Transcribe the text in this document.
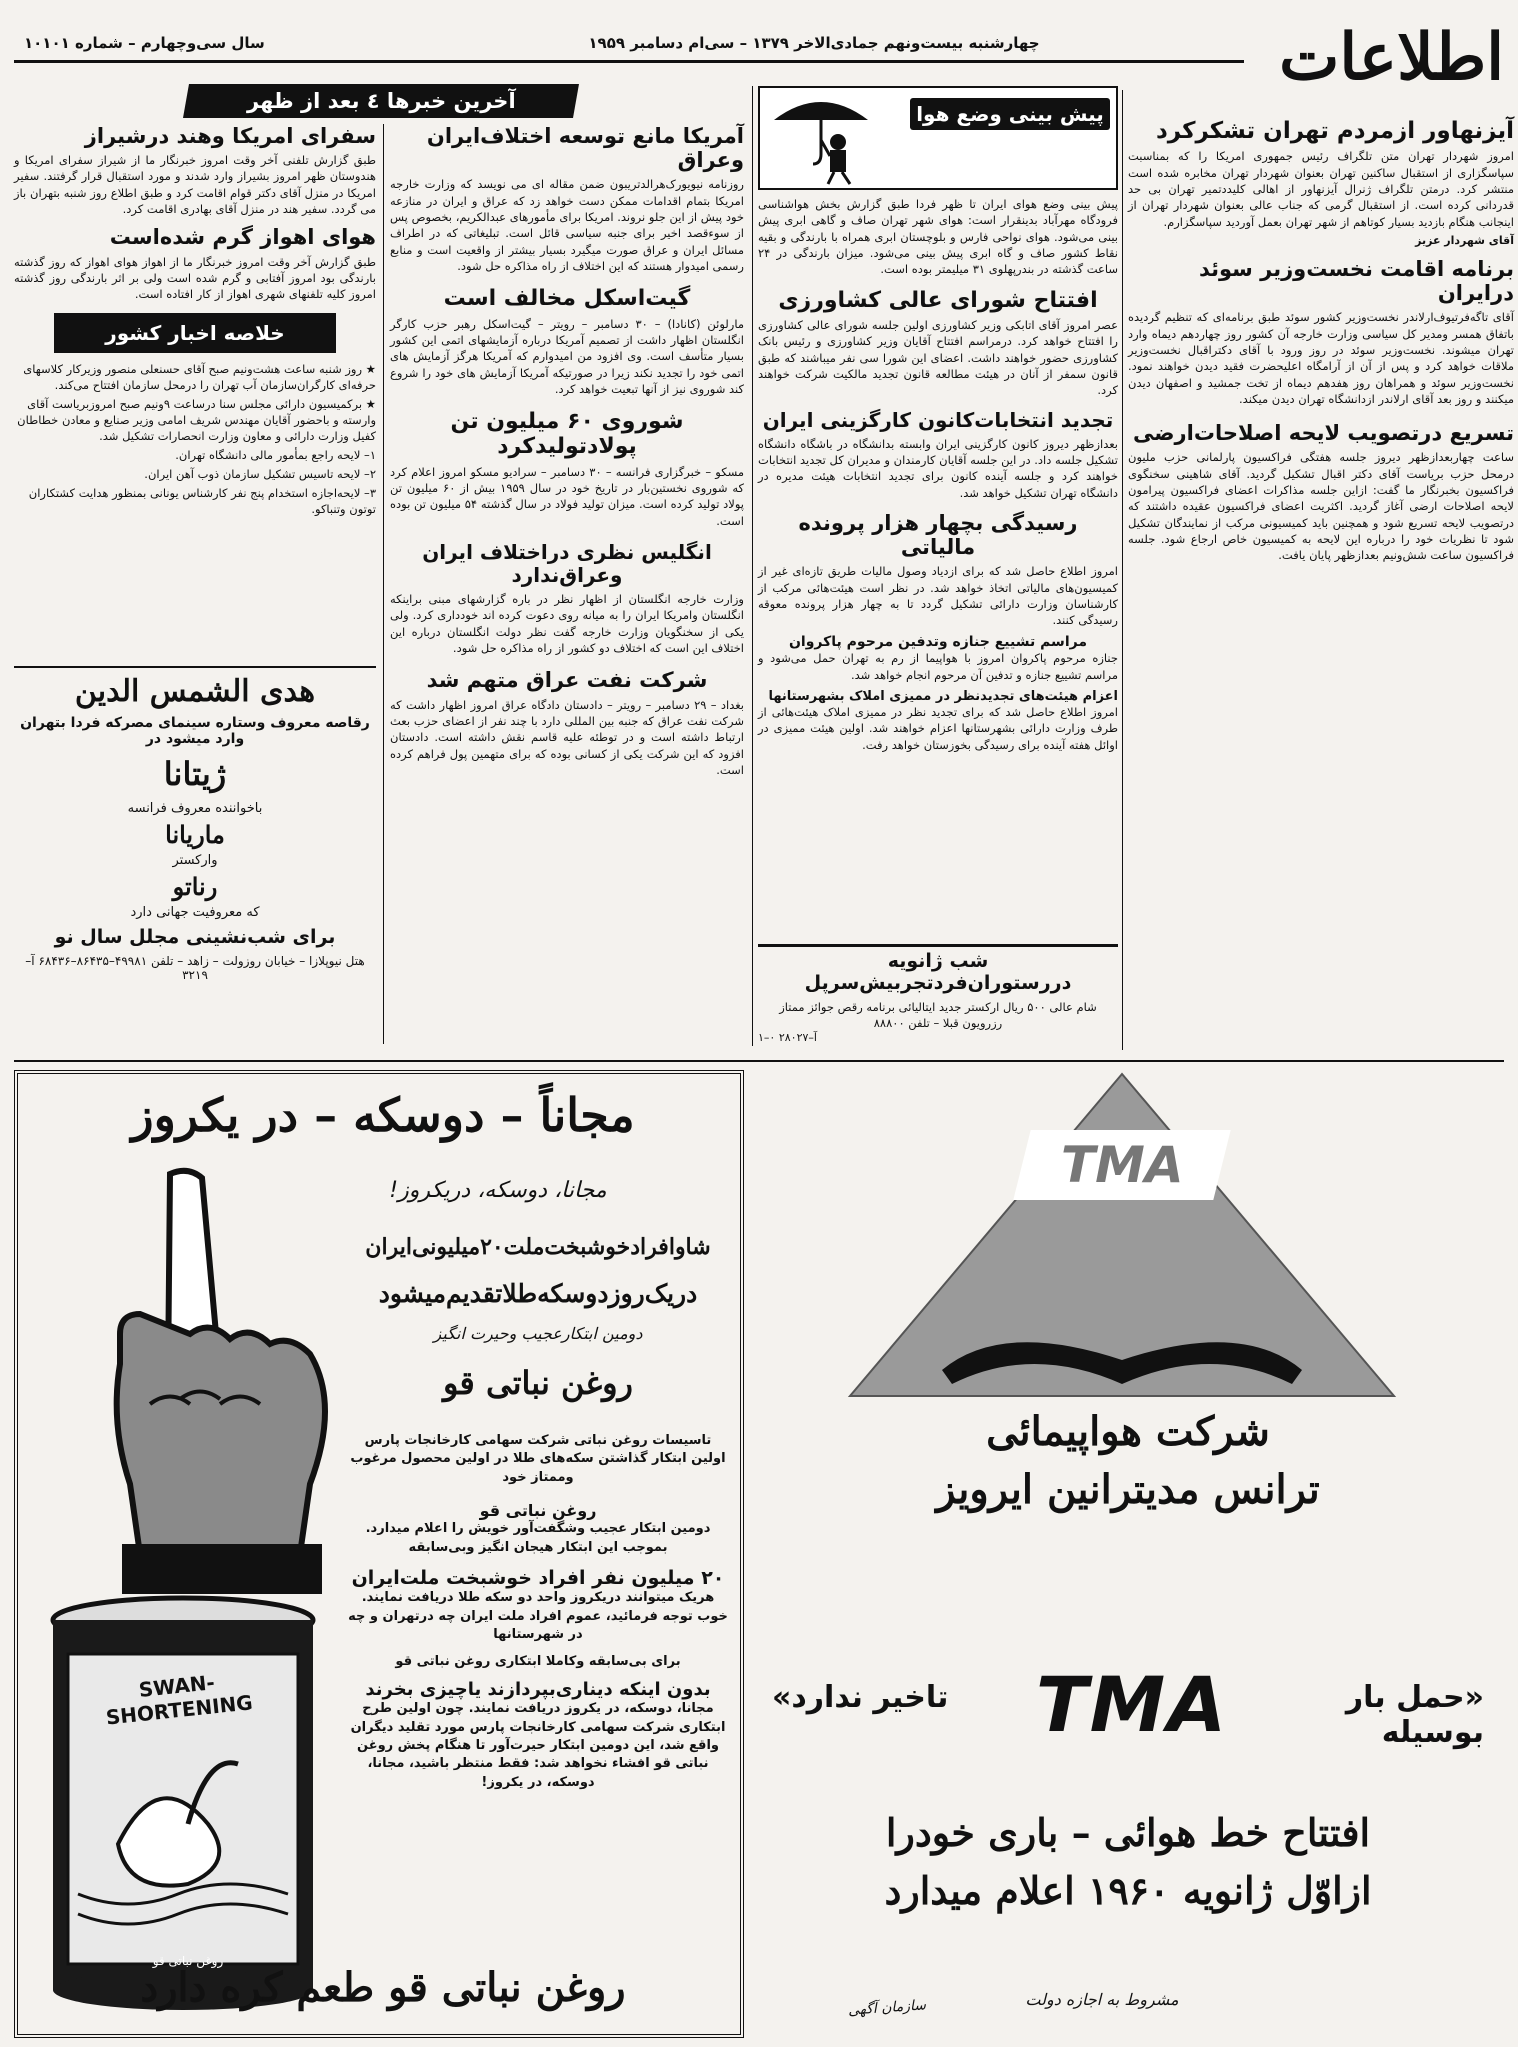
اطلاعات
چهارشنبه بیست‌ونهم جمادی‌الاخر ۱۳۷۹ – سی‌ام دسامبر ۱۹۵۹
سال سی‌وچهارم – شماره ۱۰۱۰۱
آیزنهاور ازمردم تهران تشکرکرد

امروز شهردار تهران متن تلگراف رئیس جمهوری امریکا را که بمناسبت سپاسگزاری از استقبال ساکنین تهران بعنوان شهردار تهران مخابره شده است منتشر کرد. درمتن تلگراف ژنرال آیزنهاور از اهالی کلیددتمیر تهران بی حد قدردانی کرده است. از استقبال گرمی که جناب عالی بعنوان شهردار تهران از اینجانب هنگام بازدید بسیار کوتاهم از شهر تهران بعمل آوردید سپاسگزارم.

آقای شهردار عزیز
برنامه اقامت نخست‌وزیر سوئد درایران

آقای تاگه‌فرتیوف‌ارلاندر نخست‌وزیر کشور سوئد طبق برنامه‌ای که تنظیم گردیده باتفاق همسر ومدیر کل سیاسی وزارت خارجه آن کشور روز چهاردهم دیماه وارد تهران میشوند. نخست‌وزیر سوئد در روز ورود با آقای دکتراقبال نخست‌وزیر ملاقات خواهد کرد و پس از آن از آرامگاه اعلیحضرت فقید دیدن خواهند نمود. نخست‌وزیر سوئد و همراهان روز هفدهم دیماه از تخت جمشید و اصفهان دیدن میکنند و روز بعد آقای ارلاندر ازدانشگاه تهران دیدن میکند.

تسریع درتصویب لایحه اصلاحات‌ارضی

ساعت چهاربعدازظهر دیروز جلسه هفتگی فراکسیون پارلمانی حزب ملیون درمحل حزب بریاست آقای دکتر اقبال تشکیل گردید. آقای شاهینی سخنگوی فراکسیون بخبرنگار ما گفت: ازاین جلسه مذاکرات اعضای فراکسیون پیرامون لایحه اصلاحات ارضی آغاز گردید. اکثریت اعضای فراکسیون عقیده داشتند که درتصویب لایحه تسریع شود و همچنین باید کمیسیونی مرکب از نمایندگان تشکیل شود تا نظریات خود را درباره این لایحه به کمیسیون خاص ارجاع شود. جلسه فراکسیون ساعت شش‌ونیم بعدازظهر پایان یافت.

پیش بینی وضع هوا

پیش بینی وضع هوای ایران تا ظهر فردا طبق گزارش بخش هواشناسی فرودگاه مهرآباد بدینقرار است: هوای شهر تهران صاف و گاهی ابری پیش بینی می‌شود. هوای نواحی فارس و بلوچستان ابری همراه با بارندگی و بقیه نقاط کشور صاف و گاه ابری پیش بینی می‌شود. میزان بارندگی در ۲۴ ساعت گذشته در بندرپهلوی ۳۱ میلیمتر بوده است.

افتتاح شورای عالی کشاورزی

عصر امروز آقای اتابکی وزیر کشاورزی اولین جلسه شورای عالی کشاورزی را افتتاح خواهد کرد. درمراسم افتتاح آقایان وزیر کشاورزی و رئیس بانک کشاورزی حضور خواهند داشت. اعضای این شورا سی نفر میباشند که طبق قانون سمفر از آنان در هیئت مطالعه قانون تجدید مالکیت شرکت خواهند کرد.

تجدید انتخابات‌کانون کارگزینی ایران

بعدازظهر دیروز کانون کارگزینی ایران وابسته بدانشگاه در باشگاه دانشگاه تشکیل جلسه داد. در این جلسه آقایان کارمندان و مدیران کل تجدید انتخابات خواهند کرد و جلسه آینده کانون برای تجدید انتخابات هیئت مدیره در دانشگاه تهران تشکیل خواهد شد.

رسیدگی بچهار هزار پرونده مالیاتی

امروز اطلاع حاصل شد که برای ازدیاد وصول مالیات طریق تازه‌ای غیر از کمیسیون‌های مالیاتی اتخاذ خواهد شد. در نظر است هیئت‌هائی مرکب از کارشناسان وزارت دارائی تشکیل گردد تا به چهار هزار پرونده معوقه رسیدگی کنند.

مراسم تشییع جنازه وتدفین مرحوم پاکروان

جنازه مرحوم پاکروان امروز با هواپیما از رم به تهران حمل می‌شود و مراسم تشییع جنازه و تدفین آن مرحوم انجام خواهد شد.

اعزام هیئت‌های تجدیدنظر در ممیزی املاک بشهرستانها

امروز اطلاع حاصل شد که برای تجدید نظر در ممیزی املاک هیئت‌هائی از طرف وزارت دارائی بشهرستانها اعزام خواهند شد. اولین هیئت ممیزی در اوائل هفته آینده برای رسیدگی بخوزستان خواهد رفت.

شب ژانویه دررستوران‌فردتجربیش‌سرپل

شام عالی ۵۰۰ ریال ارکستر جدید ایتالیائی برنامه رقص جوائز ممتاز رزرویون قبلا – تلفن ۸۸۸۰۰

آ–۲۸۰۲۷ ۰–۱
آخرین خبرها ٤ بعد از ظهر
آمریکا مانع توسعه اختلاف‌ایران وعراق

روزنامه نیویورک‌هرالدتریبون ضمن مقاله ای می نویسد که وزارت خارجه امریکا بتمام اقدامات ممکن دست خواهد زد که عراق و ایران در منازعه خود پیش از این جلو نروند. امریکا برای مأمورهای عبدالکریم، بخصوص پس از سوءقصد اخیر برای جنبه سیاسی قائل است. تبلیغاتی که در اطراف مسائل ایران و عراق صورت میگیرد بسیار بیشتر از واقعیت است و منابع رسمی امیدوار هستند که این اختلاف از راه مذاکره حل شود.

گیت‌اسکل مخالف است

مارلوئن (کانادا) – ۳۰ دسامبر – رویتر – گیت‌اسکل رهبر حزب کارگر انگلستان اظهار داشت از تصمیم آمریکا درباره آزمایشهای اتمی این کشور بسیار متأسف است. وی افزود من امیدوارم که آمریکا هرگز آزمایش های اتمی خود را تجدید نکند زیرا در صورتیکه آمریکا آزمایش های خود را شروع کند شوروی نیز از آنها تبعیت خواهد کرد.

شوروی ۶۰ میلیون تن پولادتولیدکرد

مسکو – خبرگزاری فرانسه – ۳۰ دسامبر – سرادیو مسکو امروز اعلام کرد که شوروی نخستین‌بار در تاریخ خود در سال ۱۹۵۹ بیش از ۶۰ میلیون تن پولاد تولید کرده است. میزان تولید فولاد در سال گذشته ۵۴ میلیون تن بوده است.

انگلیس نظری دراختلاف ایران وعراق‌ندارد

وزارت خارجه انگلستان از اظهار نظر در باره گزارشهای مبنی براینکه انگلستان وامریکا ایران را به میانه روی دعوت کرده اند خودداری کرد. ولی یکی از سخنگویان وزارت خارجه گفت نظر دولت انگلستان درباره این اختلاف این است که اختلاف دو کشور از راه مذاکره حل شود.

شرکت نفت عراق متهم شد

بغداد – ۲۹ دسامبر – رویتر – دادستان دادگاه عراق امروز اظهار داشت که شرکت نفت عراق که جنبه بین المللی دارد با چند نفر از اعضای حزب بعث ارتباط داشته است و در توطئه علیه قاسم نقش داشته است. دادستان افزود که این شرکت یکی از کسانی بوده که برای متهمین پول فراهم کرده است.

سفرای امریکا وهند درشیراز

طبق گزارش تلفنی آخر وقت امروز خبرنگار ما از شیراز سفرای امریکا و هندوستان ظهر امروز بشیراز وارد شدند و مورد استقبال قرار گرفتند. سفیر امریکا در منزل آقای دکتر قوام اقامت کرد و طبق اطلاع روز شنبه بتهران باز می گردد. سفیر هند در منزل آقای بهادری اقامت کرد.

هوای اهواز گرم شده‌است

طبق گزارش آخر وقت امروز خبرنگار ما از اهواز هوای اهواز که روز گذشته بارندگی بود امروز آفتابی و گرم شده است ولی بر اثر بارندگی روز گذشته امروز کلیه تلفنهای شهری اهواز از کار افتاده است.

خلاصه اخبار کشور
★ روز شنبه ساعت هشت‌ونیم صبح آقای حسنعلی منصور وزیرکار کلاسهای حرفه‌ای کارگران‌سازمان آب تهران را درمحل سازمان افتتاح می‌کند.
★ برکمیسیون دارائی مجلس سنا درساعت ۹ونیم صبح امروزبریاست آقای وارسته و باحضور آقایان مهندس شریف امامی وزیر صنایع و معادن خطاطان کفیل وزارت دارائی و معاون وزارت انحصارات تشکیل شد.
۱– لایحه راجع بمأمور مالی دانشگاه تهران.
۲– لایحه تاسیس تشکیل سازمان ذوب آهن ایران.
۳– لایحه‌اجازه استخدام پنج نفر کارشناس یونانی بمنظور هدایت کشتکاران توتون وتنباکو.
هدی الشمس الدین
رقاصه معروف وستاره سینمای مصرکه فردا بتهران وارد میشود در
ژیتانا
باخواننده معروف فرانسه
ماریانا
وارکستر
رناتو
که معروفیت جهانی دارد
برای شب‌نشینی مجلل سال نو
هتل نیوپلازا – خیابان روزولت – زاهد – تلفن ۴۹۹۸۱–۸۶۴۳۵–۶۸۴۳۶ آ–۳۲۱۹
مجاناً – دوسکه – در یکروز
مجانا، دوسکه، دریکروز!
شاوافرادخوشبخت‌ملت۲۰میلیونی‌ایران
دریک‌روزدوسکه‌طلا‌تقدیم‌میشود
دومین ابتکارعجیب وحیرت انگیز
روغن نباتی قو
SWAN-SHORTENING
روغن نباتی قو

تاسیسات روغن نباتی شرکت سهامی کارخانجات پارس اولین ابتکار گذاشتن سکه‌های طلا در اولین محصول مرغوب وممتاز خود

روغن نباتی قو

دومین ابتکار عجیب وشگفت‌آور خویش را اعلام میدارد. بموجب این ابتکار هیجان انگیز وبی‌سابقه

۲۰ میلیون نفر افراد خوشبخت ملت‌ایران

هریک میتوانند دریکروز واحد دو سکه طلا دریافت نمایند. خوب توجه فرمائید، عموم افراد ملت ایران چه درتهران و چه در شهرستانها

برای بی‌سابقه وکاملا ابتکاری روغن نباتی قو

بدون اینکه دیناری‌بپردازند یاچیزی بخرند

مجانا، دوسکه، در یکروز دریافت نمایند. چون اولین طرح ابتکاری شرکت سهامی کارخانجات پارس مورد تقلید دیگران واقع شد، این دومین ابتکار حیرت‌آور تا هنگام پخش روغن نباتی قو افشاء نخواهد شد: فقط منتظر باشید، مجانا، دوسکه، در یکروز!

روغن نباتی قو طعم کره دارد
TMA
شرکت هواپیمائی
ترانس مدیترانین ایرویز
«حمل بار بوسیله
TMA
تاخیر ندارد»
افتتاح خط هوائی – باری خودرا
ازاوّل ژانویه ۱۹۶۰ اعلام میدارد
مشروط به اجازه دولت
سازمان آگهی
